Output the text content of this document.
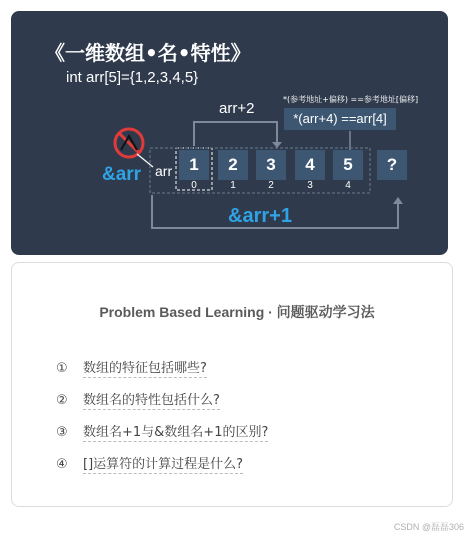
《一维数组•名•特性》
int arr[5]={1,2,3,4,5}
arr+2
*(参考地址+偏移) ==参考地址[偏移]
*(arr+4) ==arr[4]
&arr arr	1	2	3	4	5	?
0	1	2	3	4
&arr+1
Problem Based Learning · 问题驱动学习法
① 数组的特征包括哪些?
② 数组名的特性包括什么?
③ 数组名+1与&数组名+1的区别?
④ []运算符的计算过程是什么?
CSDN @磊磊306
